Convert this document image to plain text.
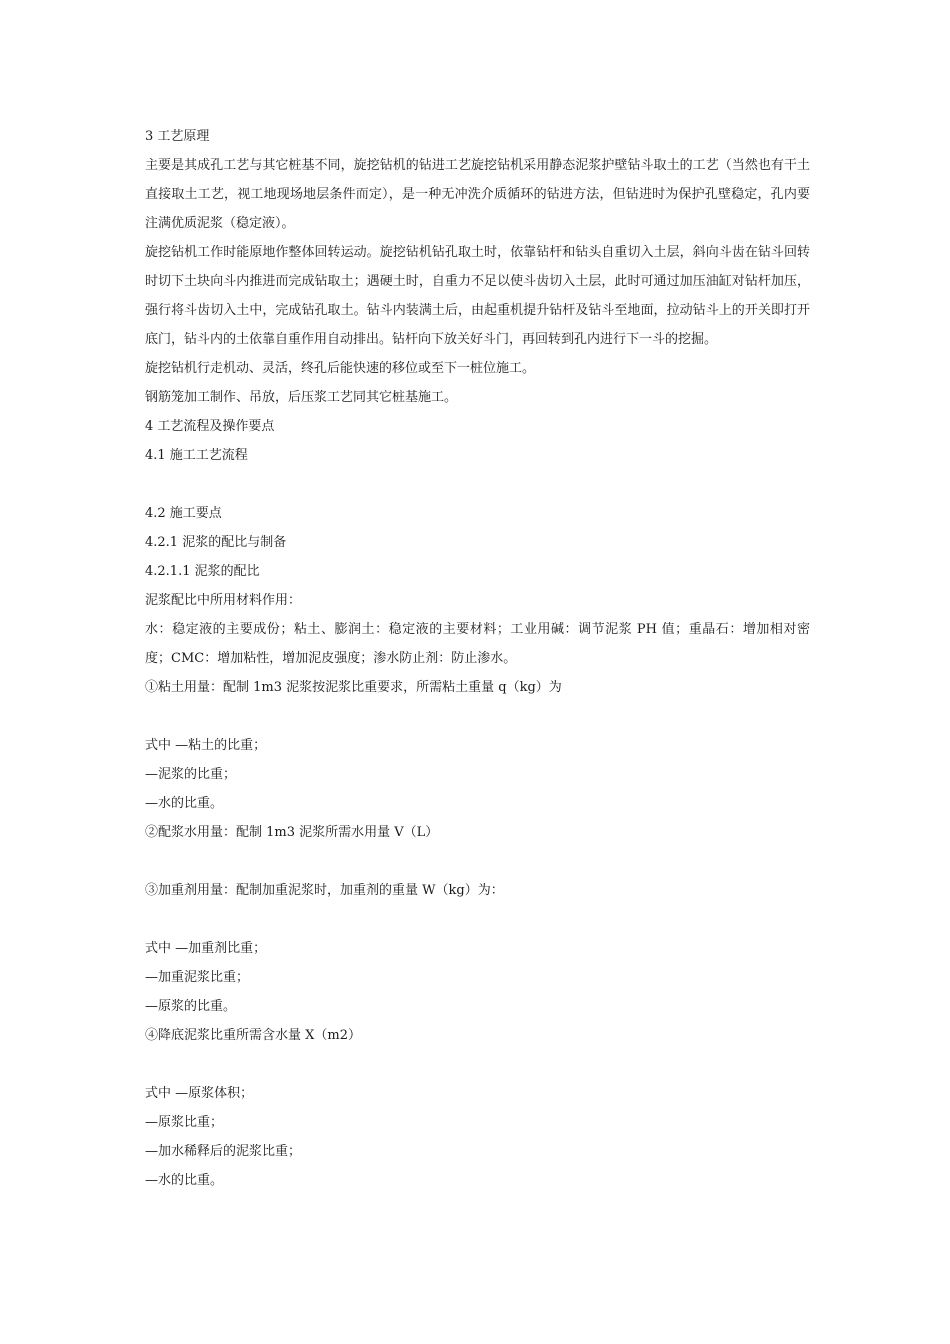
3 工艺原理
主要是其成孔工艺与其它桩基不同，旋挖钻机的钻进工艺旋挖钻机采用静态泥浆护壁钻斗取土的工艺（当然也有干土直接取土工艺，视工地现场地层条件而定），是一种无冲洗介质循环的钻进方法，但钻进时为保护孔壁稳定，孔内要注满优质泥浆（稳定液）。
旋挖钻机工作时能原地作整体回转运动。旋挖钻机钻孔取土时，依靠钻杆和钻头自重切入土层，斜向斗齿在钻斗回转时切下土块向斗内推进而完成钻取土；遇硬土时，自重力不足以使斗齿切入土层，此时可通过加压油缸对钻杆加压，强行将斗齿切入土中，完成钻孔取土。钻斗内装满土后，由起重机提升钻杆及钻斗至地面，拉动钻斗上的开关即打开底门，钻斗内的土依靠自重作用自动排出。钻杆向下放关好斗门，再回转到孔内进行下一斗的挖掘。
旋挖钻机行走机动、灵活，终孔后能快速的移位或至下一桩位施工。
钢筋笼加工制作、吊放，后压浆工艺同其它桩基施工。
4 工艺流程及操作要点
4.1 施工工艺流程
4.2 施工要点
4.2.1 泥浆的配比与制备
4.2.1.1 泥浆的配比
泥浆配比中所用材料作用：
水：稳定液的主要成份；粘土、膨润土：稳定液的主要材料；工业用碱：调节泥浆 PH 值；重晶石：增加相对密度；CMC：增加粘性，增加泥皮强度；渗水防止剂：防止渗水。
①粘土用量：配制 1m3 泥浆按泥浆比重要求，所需粘土重量 q（kg）为
式中 —粘土的比重；
—泥浆的比重；
—水的比重。
②配浆水用量：配制 1m3 泥浆所需水用量 V（L）
③加重剂用量：配制加重泥浆时，加重剂的重量 W（kg）为：
式中 —加重剂比重；
—加重泥浆比重；
—原浆的比重。
④降底泥浆比重所需含水量 X（m2）
式中 —原浆体积；
—原浆比重；
—加水稀释后的泥浆比重；
—水的比重。
